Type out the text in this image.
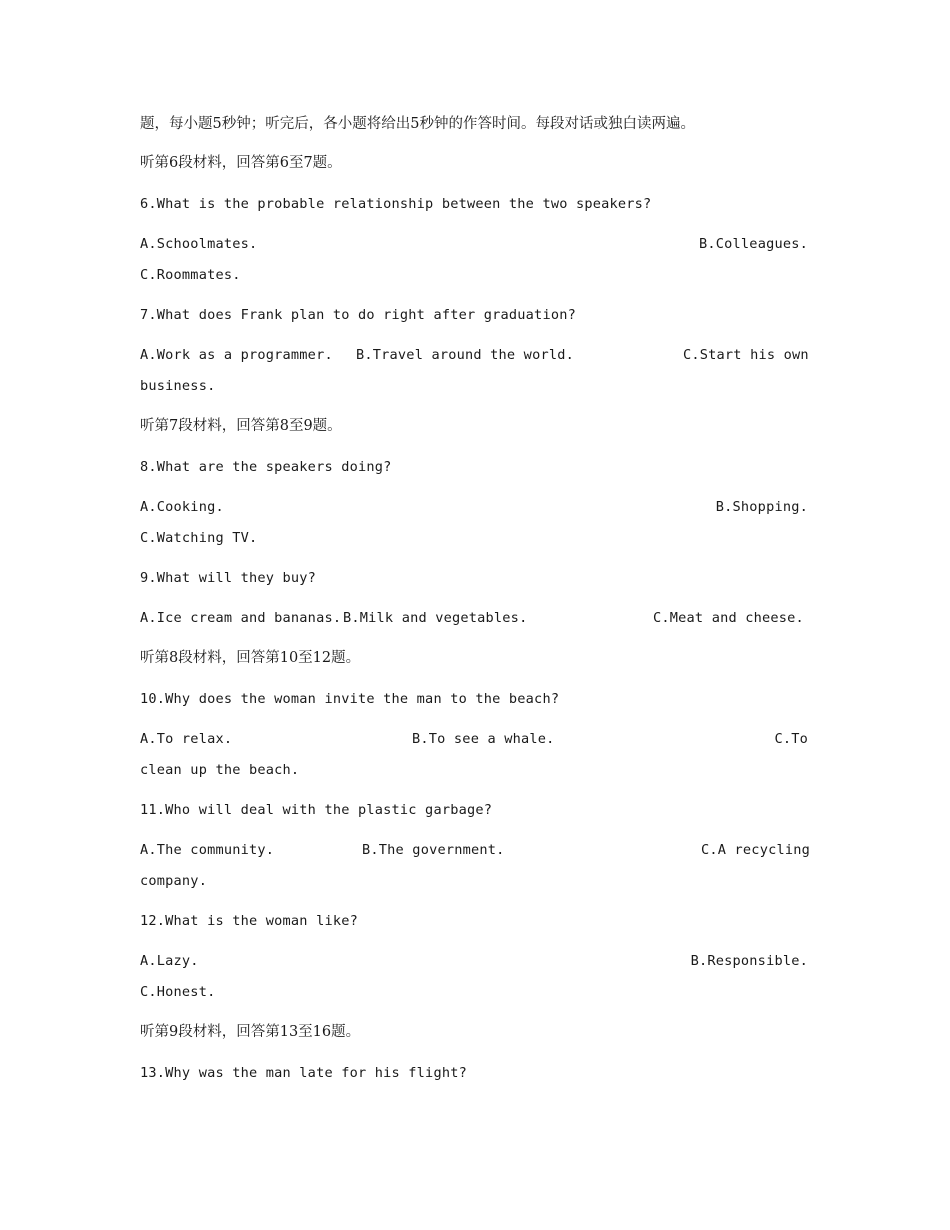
题，每小题5秒钟；听完后，各小题将给出5秒钟的作答时间。每段对话或独白读两遍。
听第6段材料，回答第6至7题。
6.What is the probable relationship between the two speakers?
A.Schoolmates.	B.Colleagues.
C.Roommates.
7.What does Frank plan to do right after graduation?
A.Work as a programmer. B.Travel around the world.	C.Start his own
business.
听第7段材料，回答第8至9题。
8.What are the speakers doing?
A.Cooking.	B.Shopping.
C.Watching TV.
9.What will they buy?
A.Ice cream and bananas. B.Milk and vegetables.	C.Meat and cheese.
听第8段材料，回答第10至12题。
10.Why does the woman invite the man to the beach?
A.To relax.	B.To see a whale.	C.To
clean up the beach.
11.Who will deal with the plastic garbage?
A.The community.	B.The government.	C.A recycling
company.
12.What is the woman like?
A.Lazy.	B.Responsible.
C.Honest.
听第9段材料，回答第13至16题。
13.Why was the man late for his flight?
